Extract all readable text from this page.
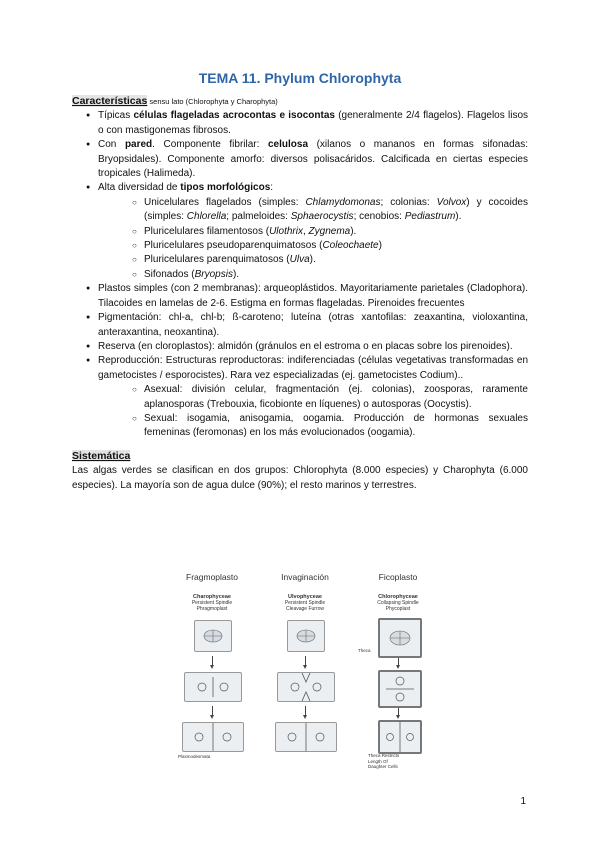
TEMA 11. Phylum Chlorophyta
Características sensu lato (Chlorophyta y Charophyta)
● Típicas células flageladas acrocontas e isocontas (generalmente 2/4 flagelos). Flagelos lisos o con mastigonemas fibrosos.
● Con pared. Componente fibrilar: celulosa (xilanos o mananos en formas sifonadas: Bryopsidales). Componente amorfo: diversos polisacáridos. Calcificada en ciertas especies tropicales (Halimeda).
● Alta diversidad de tipos morfológicos:
○ Unicelulares flagelados (simples: Chlamydomonas; colonias: Volvox) y cocoides (simples: Chlorella; palmeloides: Sphaerocystis; cenobios: Pediastrum).
○ Pluricelulares filamentosos (Ulothrix, Zygnema).
○ Pluricelulares pseudoparenquimatosos (Coleochaete)
○ Pluricelulares parenquimatosos (Ulva).
○ Sifonados (Bryopsis).
● Plastos simples (con 2 membranas): arqueoplástidos. Mayoritariamente parietales (Cladophora). Tilacoides en lamelas de 2-6. Estigma en formas flageladas. Pirenoides frecuentes
● Pigmentación: chl-a, chl-b; ß-caroteno; luteína (otras xantofilas: zeaxantina, violoxantina, anteraxantina, neoxantina).
● Reserva (en cloroplastos): almidón (gránulos en el estroma o en placas sobre los pirenoides).
● Reproducción: Estructuras reproductoras: indiferenciadas (células vegetativas transformadas en gametocistes / esporocistes). Rara vez especializadas (ej. gametocistes Codium)..
○ Asexual: división celular, fragmentación (ej. colonias), zoosporas, raramente aplanosporas (Trebouxia, ficobionte en líquenes) o autosporas (Oocystis).
○ Sexual: isogamia, anisogamia, oogamia. Producción de hormonas sexuales femeninas (feromonas) en los más evolucionados (oogamia).
Sistemática
Las algas verdes se clasifican en dos grupos: Chlorophyta (8.000 especies) y Charophyta (6.000 especies). La mayoría son de agua dulce (90%); el resto marinos y terrestres.
Fragmoplasto	Invaginación	Ficoplasto
Charophyceae
Persistent Spindle
Phragmoplast
Ulvophyceae
Persistent Spindle
Cleavage Furrow
Chlorophyceae
Collapsing Spindle
Phycoplast
Plasmodesmata
Theca
Theca Restricts
Length Of
Daughter Cells
1
